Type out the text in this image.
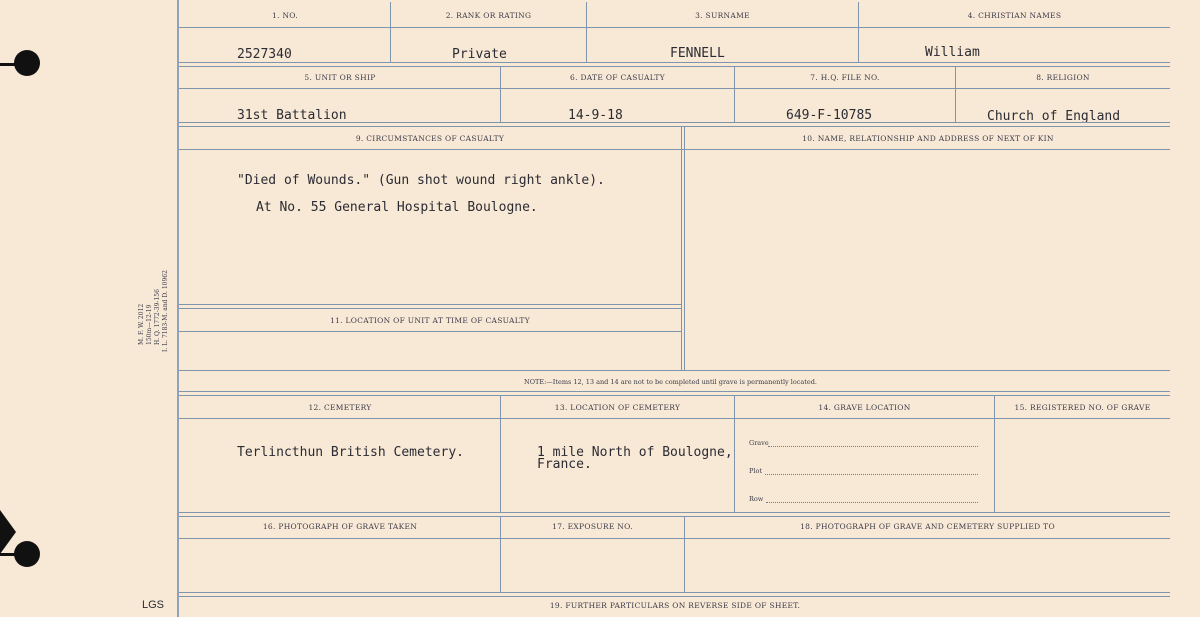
M. F. W. 2012 150m—12-19 H. Q. 1772-39-156 I. L. 7183-M. and D. 10962
LGS
1. NO.	2. RANK OR RATING	3. SURNAME	4. CHRISTIAN NAMES
2527340	Private	FENNELL	William
5. UNIT OR SHIP	6. DATE OF CASUALTY	7. H.Q. FILE NO.	8. RELIGION
31st Battalion	14-9-18	649-F-10785	Church of England
9. CIRCUMSTANCES OF CASUALTY	10. NAME, RELATIONSHIP AND ADDRESS OF NEXT OF KIN
"Died of Wounds." (Gun shot wound right ankle).
At No. 55 General Hospital Boulogne.
11. LOCATION OF UNIT AT TIME OF CASUALTY
NOTE:—Items 12, 13 and 14 are not to be completed until grave is permanently located.
12. CEMETERY	13. LOCATION OF CEMETERY	14. GRAVE LOCATION	15. REGISTERED NO. OF GRAVE
Terlincthun British Cemetery.	1 mile North of Boulogne,
France.
Grave
Plot
Row
16. PHOTOGRAPH OF GRAVE TAKEN	17. EXPOSURE NO.	18. PHOTOGRAPH OF GRAVE AND CEMETERY SUPPLIED TO
19. FURTHER PARTICULARS ON REVERSE SIDE OF SHEET.
